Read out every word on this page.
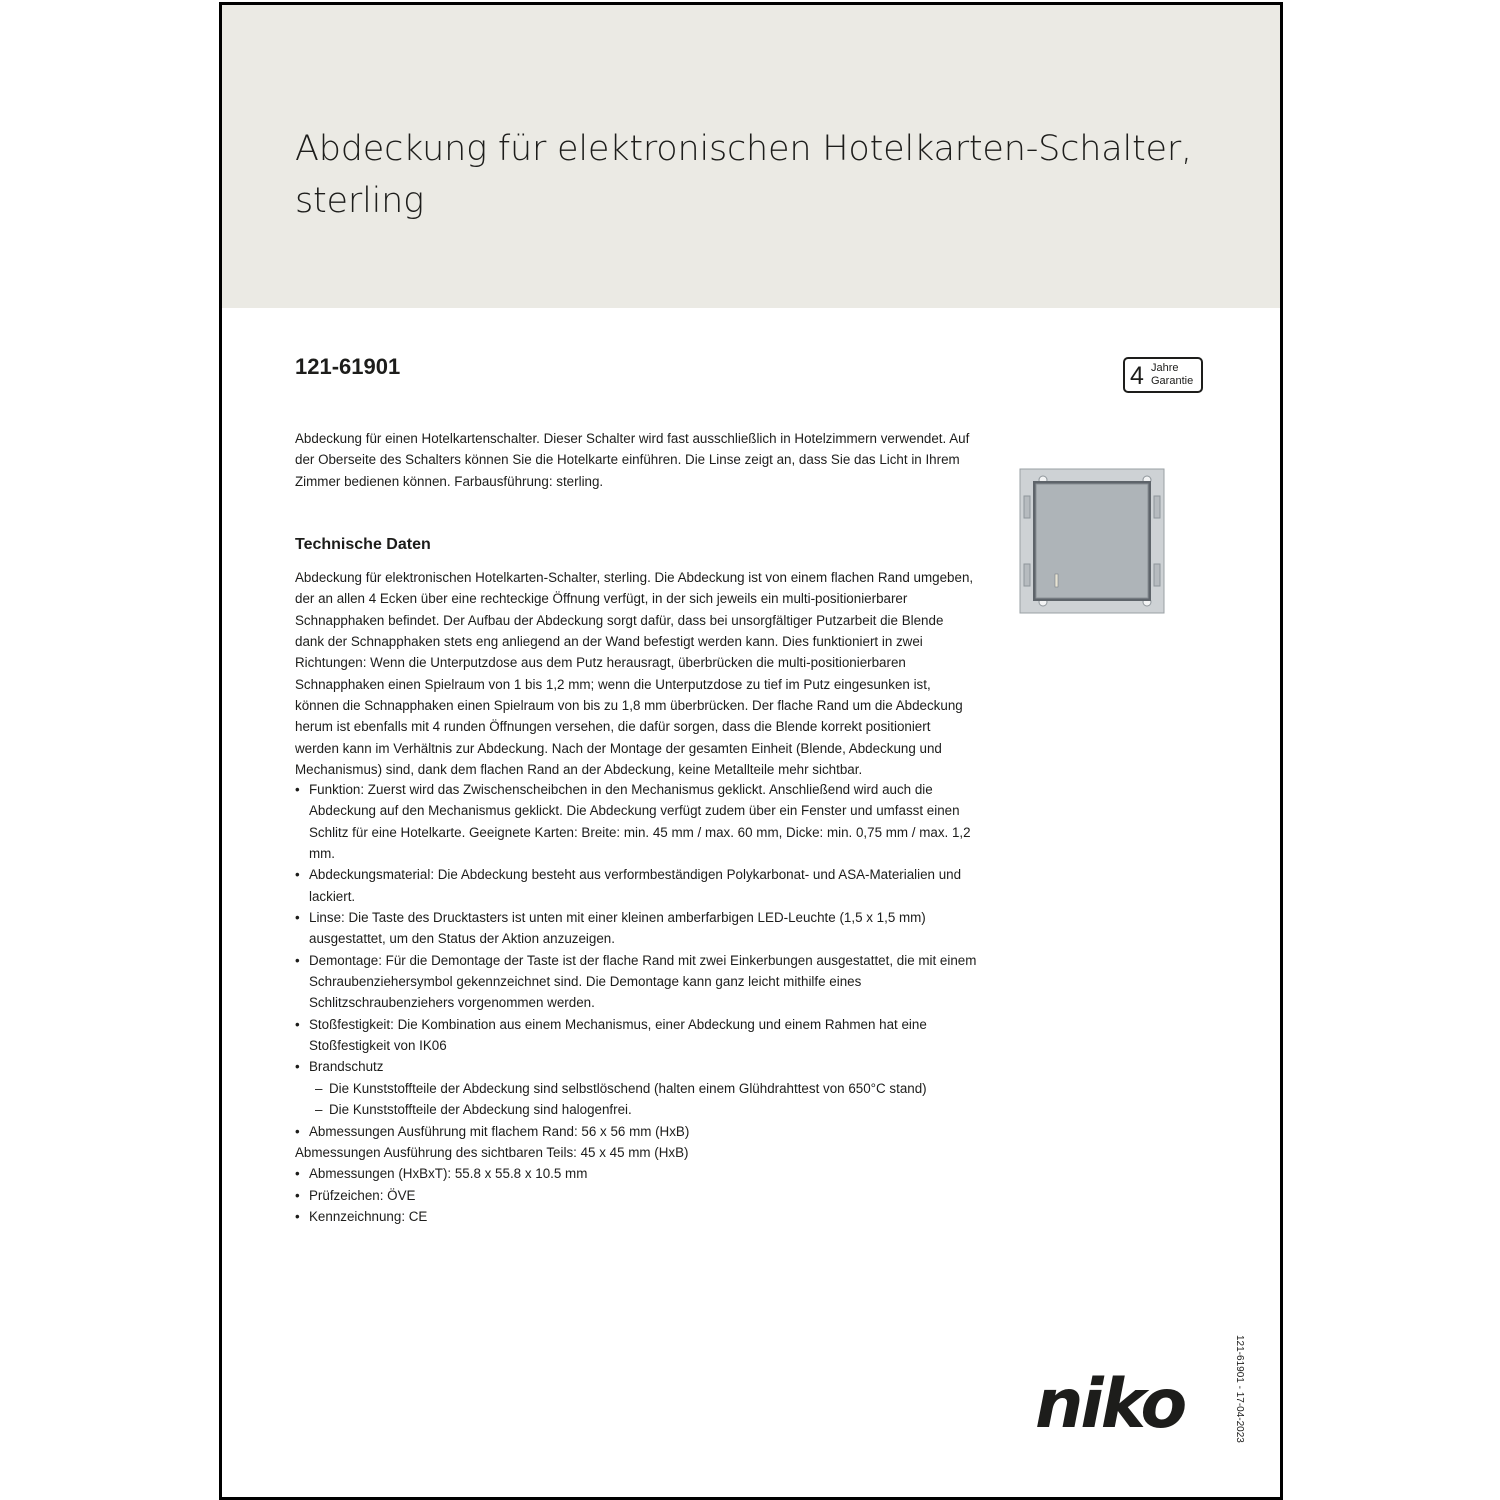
Abdeckung für elektronischen Hotelkarten-Schalter, sterling

121-61901	4 Jahre
Garantie

Abdeckung für einen Hotelkartenschalter. Dieser Schalter wird fast ausschließlich in Hotelzimmern verwendet. Auf der Oberseite des Schalters können Sie die Hotelkarte einführen. Die Linse zeigt an, dass Sie das Licht in Ihrem Zimmer bedienen können. Farbausführung: sterling.

Technische Daten

Abdeckung für elektronischen Hotelkarten-Schalter, sterling. Die Abdeckung ist von einem flachen Rand umgeben, der an allen 4 Ecken über eine rechteckige Öffnung verfügt, in der sich jeweils ein multi-positionierbarer Schnapphaken befindet. Der Aufbau der Abdeckung sorgt dafür, dass bei unsorgfältiger Putzarbeit die Blende dank der Schnapphaken stets eng anliegend an der Wand befestigt werden kann. Dies funktioniert in zwei Richtungen: Wenn die Unterputzdose aus dem Putz herausragt, überbrücken die multi-positionierbaren Schnapphaken einen Spielraum von 1 bis 1,2 mm; wenn die Unterputzdose zu tief im Putz eingesunken ist, können die Schnapphaken einen Spielraum von bis zu 1,8 mm überbrücken. Der flache Rand um die Abdeckung herum ist ebenfalls mit 4 runden Öffnungen versehen, die dafür sorgen, dass die Blende korrekt positioniert werden kann im Verhältnis zur Abdeckung. Nach der Montage der gesamten Einheit (Blende, Abdeckung und Mechanismus) sind, dank dem flachen Rand an der Abdeckung, keine Metallteile mehr sichtbar.

• Funktion: Zuerst wird das Zwischenscheibchen in den Mechanismus geklickt. Anschließend wird auch die Abdeckung auf den Mechanismus geklickt. Die Abdeckung verfügt zudem über ein Fenster und umfasst einen Schlitz für eine Hotelkarte. Geeignete Karten: Breite: min. 45 mm / max. 60 mm, Dicke: min. 0,75 mm / max. 1,2 mm.
• Abdeckungsmaterial: Die Abdeckung besteht aus verformbeständigen Polykarbonat- und ASA-Materialien und lackiert.
• Linse: Die Taste des Drucktasters ist unten mit einer kleinen amberfarbigen LED-Leuchte (1,5 x 1,5 mm) ausgestattet, um den Status der Aktion anzuzeigen.
• Demontage: Für die Demontage der Taste ist der flache Rand mit zwei Einkerbungen ausgestattet, die mit einem Schraubenziehersymbol gekennzeichnet sind. Die Demontage kann ganz leicht mithilfe eines Schlitzschraubenziehers vorgenommen werden.
• Stoßfestigkeit: Die Kombination aus einem Mechanismus, einer Abdeckung und einem Rahmen hat eine Stoßfestigkeit von IK06
• Brandschutz
– Die Kunststoffteile der Abdeckung sind selbstlöschend (halten einem Glühdrahttest von 650°C stand)
– Die Kunststoffteile der Abdeckung sind halogenfrei.
• Abmessungen Ausführung mit flachem Rand: 56 x 56 mm (HxB)
Abmessungen Ausführung des sichtbaren Teils: 45 x 45 mm (HxB)
• Abmessungen (HxBxT): 55.8 x 55.8 x 10.5 mm
• Prüfzeichen: ÖVE
• Kennzeichnung: CE
121-61901 - 17-04-2023
niko
